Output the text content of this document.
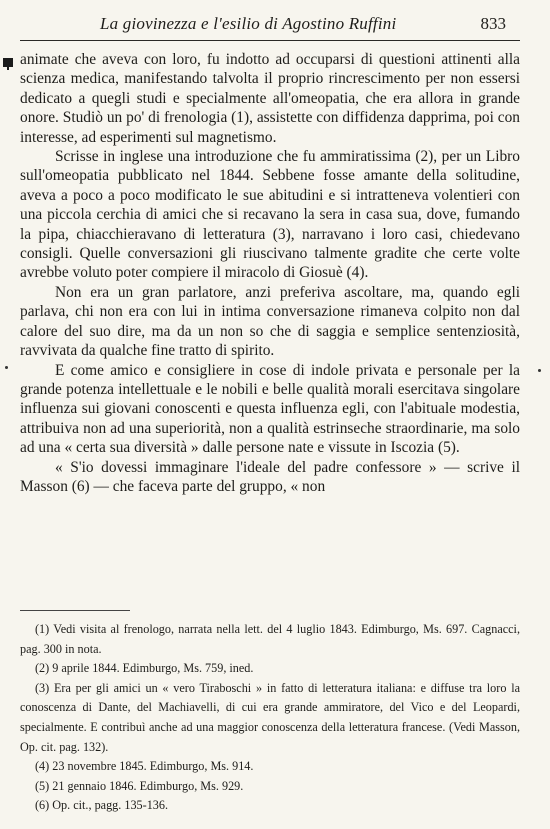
La giovinezza e l'esilio di Agostino Ruffini	833

animate che aveva con loro, fu indotto ad occuparsi di questioni attinenti alla scienza medica, manifestando talvolta il proprio rincrescimento per non essersi dedicato a quegli studi e specialmente all'omeopatia, che era allora in grande onore. Studiò un po' di frenologia (1), assistette con diffidenza dapprima, poi con interesse, ad esperimenti sul magnetismo.

Scrisse in inglese una introduzione che fu ammiratissima (2), per un Libro sull'omeopatia pubblicato nel 1844. Sebbene fosse amante della solitudine, aveva a poco a poco modificato le sue abitudini e si intratteneva volentieri con una piccola cerchia di amici che si recavano la sera in casa sua, dove, fumando la pipa, chiacchieravano di letteratura (3), narravano i loro casi, chiedevano consigli. Quelle conversazioni gli riuscivano talmente gradite che certe volte avrebbe voluto poter compiere il miracolo di Giosuè (4).

Non era un gran parlatore, anzi preferiva ascoltare, ma, quando egli parlava, chi non era con lui in intima conversazione rimaneva colpito non dal calore del suo dire, ma da un non so che di saggia e semplice sentenziosità, ravvivata da qualche fine tratto di spirito.

E come amico e consigliere in cose di indole privata e personale per la grande potenza intellettuale e le nobili e belle qualità morali esercitava singolare influenza sui giovani conoscenti e questa influenza egli, con l'abituale modestia, attribuiva non ad una superiorità, non a qualità estrinseche straordinarie, ma solo ad una « certa sua diversità » dalle persone nate e vissute in Iscozia (5).

« S'io dovessi immaginare l'ideale del padre confessore » — scrive il Masson (6) — che faceva parte del gruppo, « non

(1) Vedi visita al frenologo, narrata nella lett. del 4 luglio 1843. Edimburgo, Ms. 697. Cagnacci, pag. 300 in nota.

(2) 9 aprile 1844. Edimburgo, Ms. 759, ined.

(3) Era per gli amici un « vero Tiraboschi » in fatto di letteratura italiana: e diffuse tra loro la conoscenza di Dante, del Machiavelli, di cui era grande ammiratore, del Vico e del Leopardi, specialmente. E contribuì anche ad una maggior conoscenza della letteratura francese. (Vedi Masson, Op. cit. pag. 132).

(4) 23 novembre 1845. Edimburgo, Ms. 914.

(5) 21 gennaio 1846. Edimburgo, Ms. 929.

(6) Op. cit., pagg. 135-136.
